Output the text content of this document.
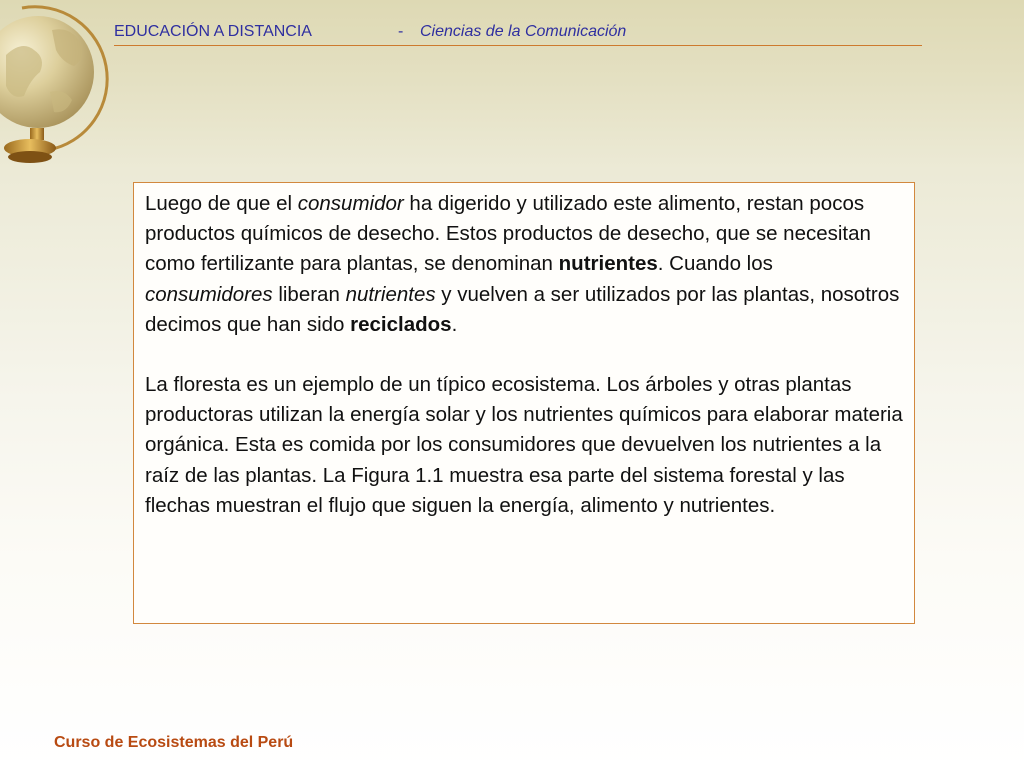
EDUCACIÓN A DISTANCIA	- Ciencias de la Comunicación

Luego de que el consumidor ha digerido y utilizado este alimento, restan pocos productos químicos de desecho. Estos productos de desecho, que se necesitan como fertilizante para plantas, se denominan nutrientes. Cuando los consumidores liberan nutrientes y vuelven a ser utilizados por las plantas, nosotros decimos que han sido reciclados.

La floresta es un ejemplo de un típico ecosistema. Los árboles y otras plantas productoras utilizan la energía solar y los nutrientes químicos para elaborar materia orgánica. Esta es comida por los consumidores que devuelven los nutrientes a la raíz de las plantas. La Figura 1.1 muestra esa parte del sistema forestal y las flechas muestran el flujo que siguen la energía, alimento y nutrientes.

Curso de Ecosistemas del Perú
